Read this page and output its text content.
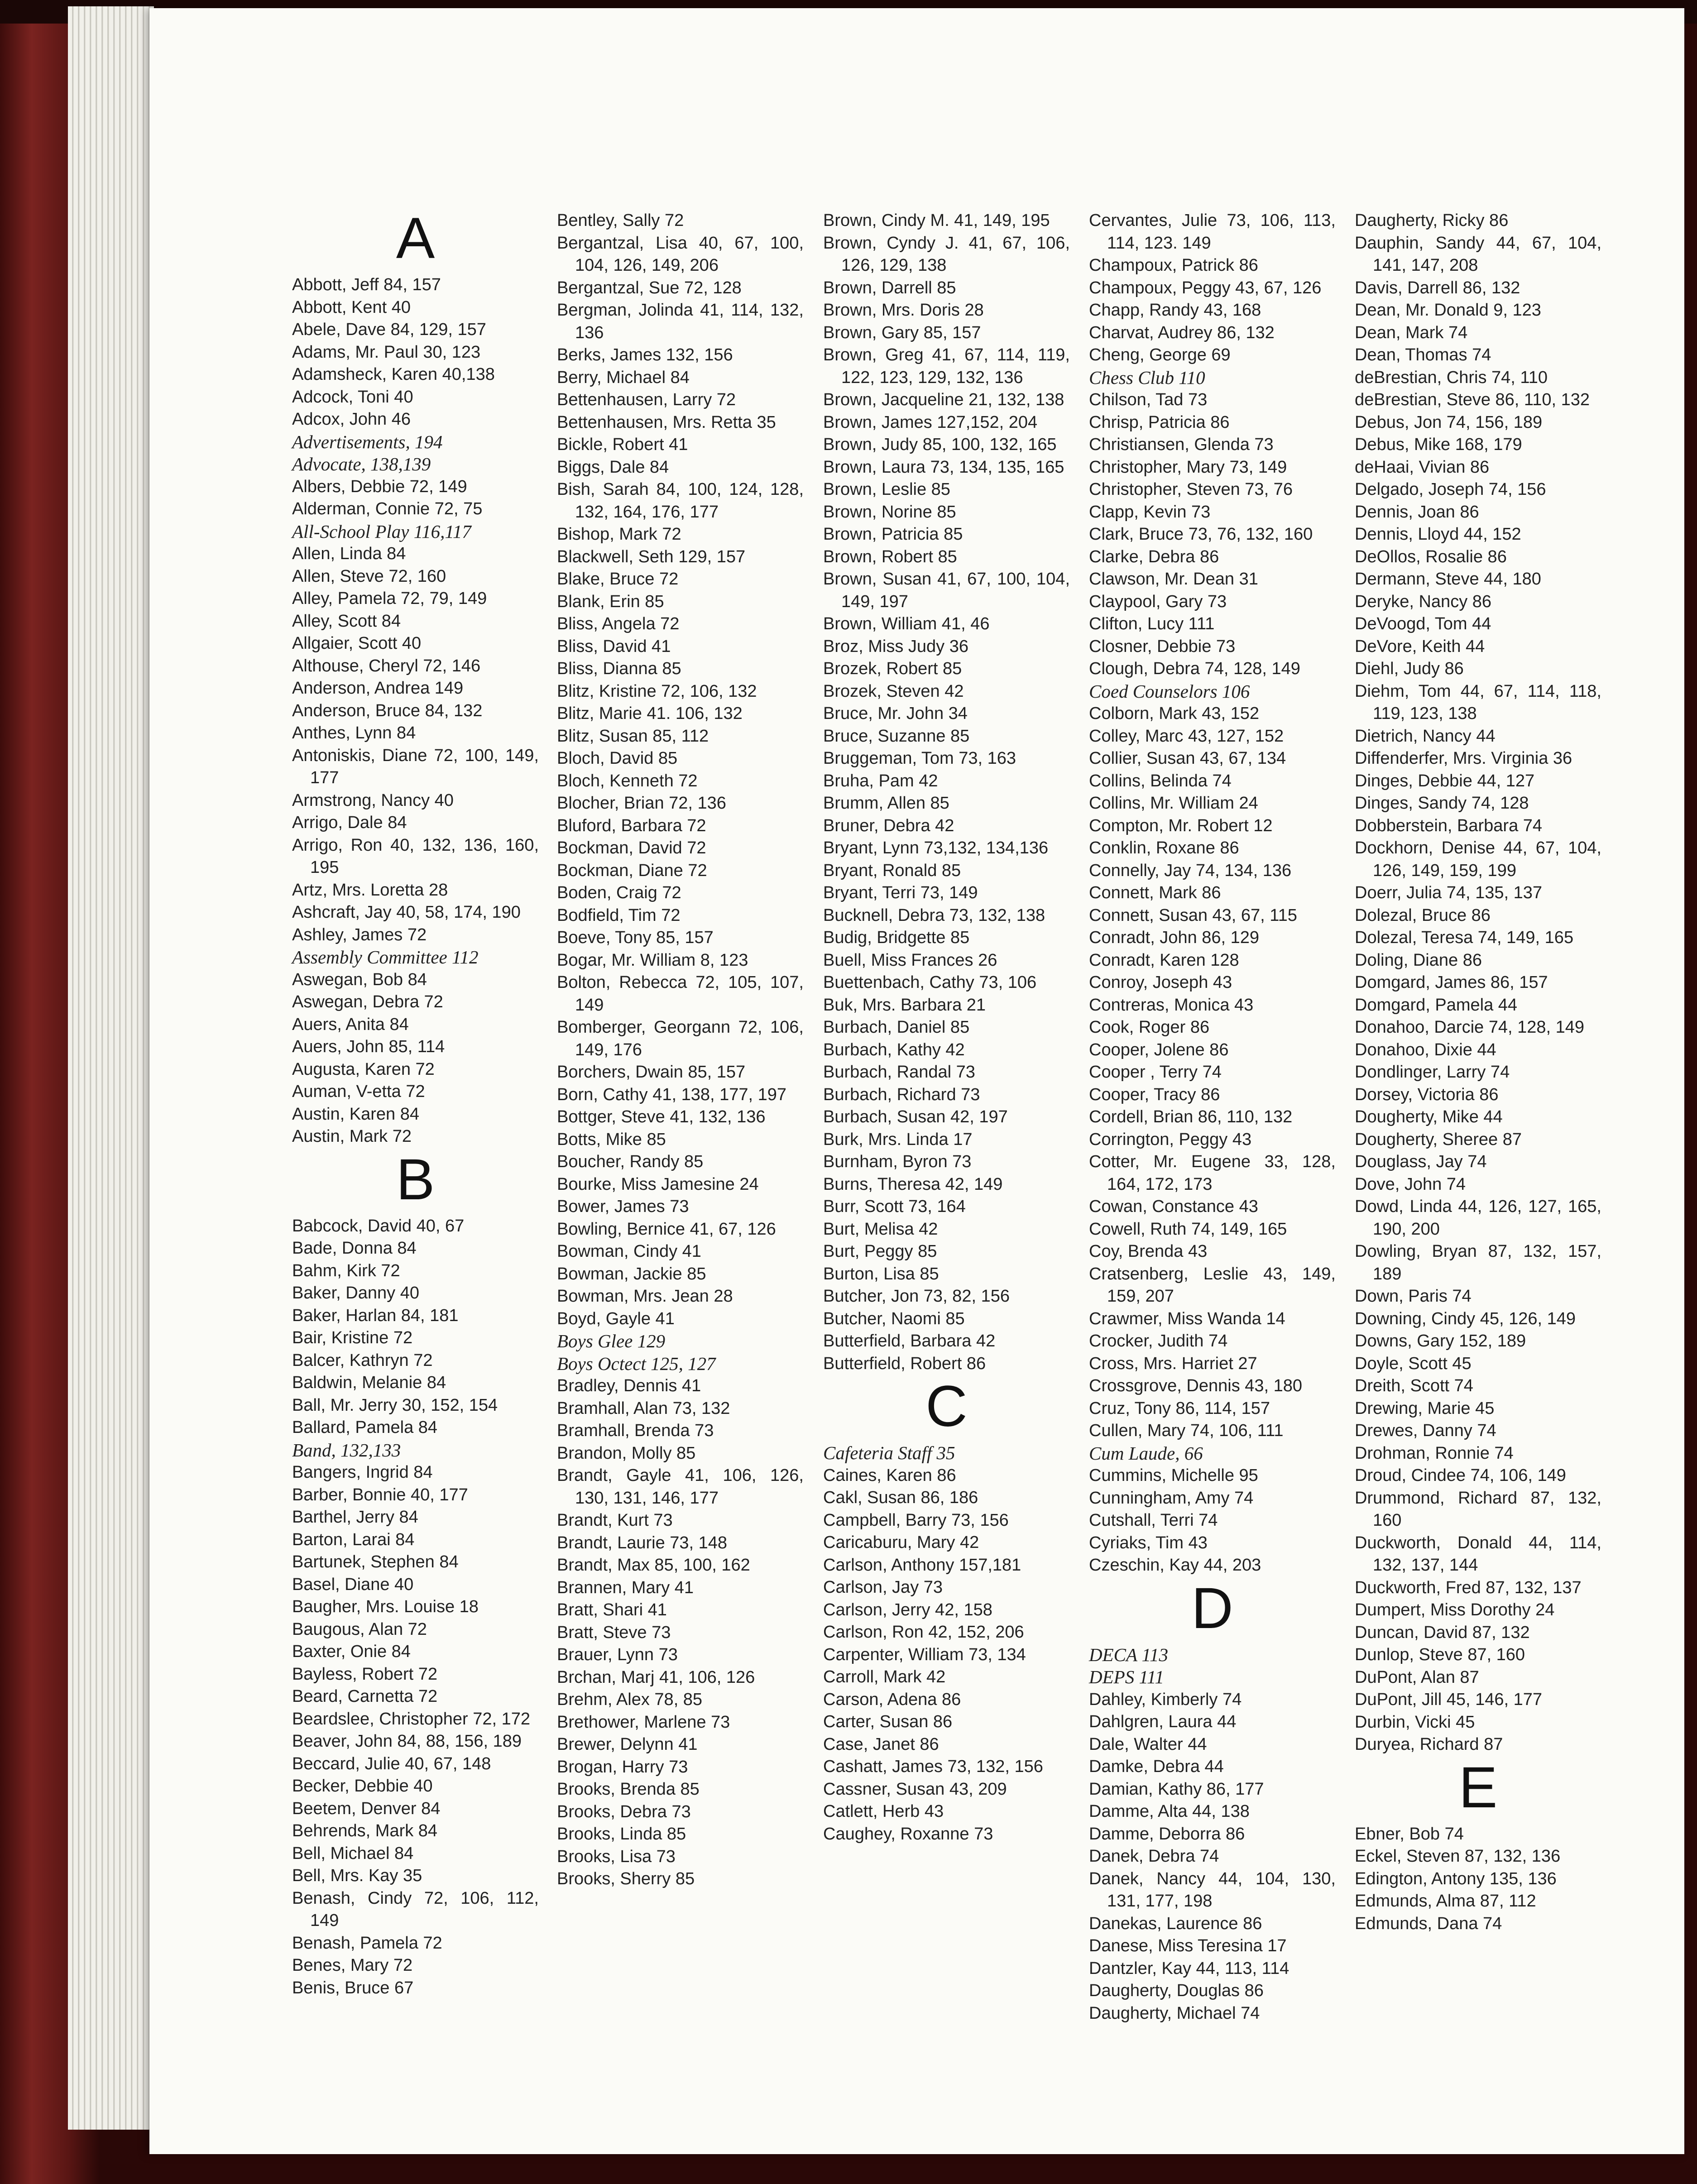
A
Abbott, Jeff 84, 157
Abbott, Kent 40
Abele, Dave 84, 129, 157
Adams, Mr. Paul 30, 123
Adamsheck, Karen 40,138
Adcock, Toni 40
Adcox, John 46
Advertisements, 194
Advocate, 138,139
Albers, Debbie 72, 149
Alderman, Connie 72, 75
All-School Play 116,117
Allen, Linda 84
Allen, Steve 72, 160
Alley, Pamela 72, 79, 149
Alley, Scott 84
Allgaier, Scott 40
Althouse, Cheryl 72, 146
Anderson, Andrea 149
Anderson, Bruce 84, 132
Anthes, Lynn 84
Antoniskis, Diane 72, 100, 149, 177
Armstrong, Nancy 40
Arrigo, Dale 84
Arrigo, Ron 40, 132, 136, 160, 195
Artz, Mrs. Loretta 28
Ashcraft, Jay 40, 58, 174, 190
Ashley, James 72
Assembly Committee 112
Aswegan, Bob 84
Aswegan, Debra 72
Auers, Anita 84
Auers, John 85, 114
Augusta, Karen 72
Auman, V-etta 72
Austin, Karen 84
Austin, Mark 72
B
Babcock, David 40, 67
Bade, Donna 84
Bahm, Kirk 72
Baker, Danny 40
Baker, Harlan 84, 181
Bair, Kristine 72
Balcer, Kathryn 72
Baldwin, Melanie 84
Ball, Mr. Jerry 30, 152, 154
Ballard, Pamela 84
Band, 132,133
Bangers, Ingrid 84
Barber, Bonnie 40, 177
Barthel, Jerry 84
Barton, Larai 84
Bartunek, Stephen 84
Basel, Diane 40
Baugher, Mrs. Louise 18
Baugous, Alan 72
Baxter, Onie 84
Bayless, Robert 72
Beard, Carnetta 72
Beardslee, Christopher 72, 172
Beaver, John 84, 88, 156, 189
Beccard, Julie 40, 67, 148
Becker, Debbie 40
Beetem, Denver 84
Behrends, Mark 84
Bell, Michael 84
Bell, Mrs. Kay 35
Benash, Cindy 72, 106, 112, 149
Benash, Pamela 72
Benes, Mary 72
Benis, Bruce 67
Bentley, Sally 72
Bergantzal, Lisa 40, 67, 100, 104, 126, 149, 206
Bergantzal, Sue 72, 128
Bergman, Jolinda 41, 114, 132, 136
Berks, James 132, 156
Berry, Michael 84
Bettenhausen, Larry 72
Bettenhausen, Mrs. Retta 35
Bickle, Robert 41
Biggs, Dale 84
Bish, Sarah 84, 100, 124, 128, 132, 164, 176, 177
Bishop, Mark 72
Blackwell, Seth 129, 157
Blake, Bruce 72
Blank, Erin 85
Bliss, Angela 72
Bliss, David 41
Bliss, Dianna 85
Blitz, Kristine 72, 106, 132
Blitz, Marie 41. 106, 132
Blitz, Susan 85, 112
Bloch, David 85
Bloch, Kenneth 72
Blocher, Brian 72, 136
Bluford, Barbara 72
Bockman, David 72
Bockman, Diane 72
Boden, Craig 72
Bodfield, Tim 72
Boeve, Tony 85, 157
Bogar, Mr. William 8, 123
Bolton, Rebecca 72, 105, 107, 149
Bomberger, Georgann 72, 106, 149, 176
Borchers, Dwain 85, 157
Born, Cathy 41, 138, 177, 197
Bottger, Steve 41, 132, 136
Botts, Mike 85
Boucher, Randy 85
Bourke, Miss Jamesine 24
Bower, James 73
Bowling, Bernice 41, 67, 126
Bowman, Cindy 41
Bowman, Jackie 85
Bowman, Mrs. Jean 28
Boyd, Gayle 41
Boys Glee 129
Boys Octect 125, 127
Bradley, Dennis 41
Bramhall, Alan 73, 132
Bramhall, Brenda 73
Brandon, Molly 85
Brandt, Gayle 41, 106, 126, 130, 131, 146, 177
Brandt, Kurt 73
Brandt, Laurie 73, 148
Brandt, Max 85, 100, 162
Brannen, Mary 41
Bratt, Shari 41
Bratt, Steve 73
Brauer, Lynn 73
Brchan, Marj 41, 106, 126
Brehm, Alex 78, 85
Brethower, Marlene 73
Brewer, Delynn 41
Brogan, Harry 73
Brooks, Brenda 85
Brooks, Debra 73
Brooks, Linda 85
Brooks, Lisa 73
Brooks, Sherry 85
Brown, Cindy M. 41, 149, 195
Brown, Cyndy J. 41, 67, 106, 126, 129, 138
Brown, Darrell 85
Brown, Mrs. Doris 28
Brown, Gary 85, 157
Brown, Greg 41, 67, 114, 119, 122, 123, 129, 132, 136
Brown, Jacqueline 21, 132, 138
Brown, James 127,152, 204
Brown, Judy 85, 100, 132, 165
Brown, Laura 73, 134, 135, 165
Brown, Leslie 85
Brown, Norine 85
Brown, Patricia 85
Brown, Robert 85
Brown, Susan 41, 67, 100, 104, 149, 197
Brown, William 41, 46
Broz, Miss Judy 36
Brozek, Robert 85
Brozek, Steven 42
Bruce, Mr. John 34
Bruce, Suzanne 85
Bruggeman, Tom 73, 163
Bruha, Pam 42
Brumm, Allen 85
Bruner, Debra 42
Bryant, Lynn 73,132, 134,136
Bryant, Ronald 85
Bryant, Terri 73, 149
Bucknell, Debra 73, 132, 138
Budig, Bridgette 85
Buell, Miss Frances 26
Buettenbach, Cathy 73, 106
Buk, Mrs. Barbara 21
Burbach, Daniel 85
Burbach, Kathy 42
Burbach, Randal 73
Burbach, Richard 73
Burbach, Susan 42, 197
Burk, Mrs. Linda 17
Burnham, Byron 73
Burns, Theresa 42, 149
Burr, Scott 73, 164
Burt, Melisa 42
Burt, Peggy 85
Burton, Lisa 85
Butcher, Jon 73, 82, 156
Butcher, Naomi 85
Butterfield, Barbara 42
Butterfield, Robert 86
C
Cafeteria Staff 35
Caines, Karen 86
Cakl, Susan 86, 186
Campbell, Barry 73, 156
Caricaburu, Mary 42
Carlson, Anthony 157,181
Carlson, Jay 73
Carlson, Jerry 42, 158
Carlson, Ron 42, 152, 206
Carpenter, William 73, 134
Carroll, Mark 42
Carson, Adena 86
Carter, Susan 86
Case, Janet 86
Cashatt, James 73, 132, 156
Cassner, Susan 43, 209
Catlett, Herb 43
Caughey, Roxanne 73
Cervantes, Julie 73, 106, 113, 114, 123. 149
Champoux, Patrick 86
Champoux, Peggy 43, 67, 126
Chapp, Randy 43, 168
Charvat, Audrey 86, 132
Cheng, George 69
Chess Club 110
Chilson, Tad 73
Chrisp, Patricia 86
Christiansen, Glenda 73
Christopher, Mary 73, 149
Christopher, Steven 73, 76
Clapp, Kevin 73
Clark, Bruce 73, 76, 132, 160
Clarke, Debra 86
Clawson, Mr. Dean 31
Claypool, Gary 73
Clifton, Lucy 111
Closner, Debbie 73
Clough, Debra 74, 128, 149
Coed Counselors 106
Colborn, Mark 43, 152
Colley, Marc 43, 127, 152
Collier, Susan 43, 67, 134
Collins, Belinda 74
Collins, Mr. William 24
Compton, Mr. Robert 12
Conklin, Roxane 86
Connelly, Jay 74, 134, 136
Connett, Mark 86
Connett, Susan 43, 67, 115
Conradt, John 86, 129
Conradt, Karen 128
Conroy, Joseph 43
Contreras, Monica 43
Cook, Roger 86
Cooper, Jolene 86
Cooper , Terry 74
Cooper, Tracy 86
Cordell, Brian 86, 110, 132
Corrington, Peggy 43
Cotter, Mr. Eugene 33, 128, 164, 172, 173
Cowan, Constance 43
Cowell, Ruth 74, 149, 165
Coy, Brenda 43
Cratsenberg, Leslie 43, 149, 159, 207
Crawmer, Miss Wanda 14
Crocker, Judith 74
Cross, Mrs. Harriet 27
Crossgrove, Dennis 43, 180
Cruz, Tony 86, 114, 157
Cullen, Mary 74, 106, 111
Cum Laude, 66
Cummins, Michelle 95
Cunningham, Amy 74
Cutshall, Terri 74
Cyriaks, Tim 43
Czeschin, Kay 44, 203
D
DECA 113
DEPS 111
Dahley, Kimberly 74
Dahlgren, Laura 44
Dale, Walter 44
Damke, Debra 44
Damian, Kathy 86, 177
Damme, Alta 44, 138
Damme, Deborra 86
Danek, Debra 74
Danek, Nancy 44, 104, 130, 131, 177, 198
Danekas, Laurence 86
Danese, Miss Teresina 17
Dantzler, Kay 44, 113, 114
Daugherty, Douglas 86
Daugherty, Michael 74
Daugherty, Ricky 86
Dauphin, Sandy 44, 67, 104, 141, 147, 208
Davis, Darrell 86, 132
Dean, Mr. Donald 9, 123
Dean, Mark 74
Dean, Thomas 74
deBrestian, Chris 74, 110
deBrestian, Steve 86, 110, 132
Debus, Jon 74, 156, 189
Debus, Mike 168, 179
deHaai, Vivian 86
Delgado, Joseph 74, 156
Dennis, Joan 86
Dennis, Lloyd 44, 152
DeOllos, Rosalie 86
Dermann, Steve 44, 180
Deryke, Nancy 86
DeVoogd, Tom 44
DeVore, Keith 44
Diehl, Judy 86
Diehm, Tom 44, 67, 114, 118, 119, 123, 138
Dietrich, Nancy 44
Diffenderfer, Mrs. Virginia 36
Dinges, Debbie 44, 127
Dinges, Sandy 74, 128
Dobberstein, Barbara 74
Dockhorn, Denise 44, 67, 104, 126, 149, 159, 199
Doerr, Julia 74, 135, 137
Dolezal, Bruce 86
Dolezal, Teresa 74, 149, 165
Doling, Diane 86
Domgard, James 86, 157
Domgard, Pamela 44
Donahoo, Darcie 74, 128, 149
Donahoo, Dixie 44
Dondlinger, Larry 74
Dorsey, Victoria 86
Dougherty, Mike 44
Dougherty, Sheree 87
Douglass, Jay 74
Dove, John 74
Dowd, Linda 44, 126, 127, 165, 190, 200
Dowling, Bryan 87, 132, 157, 189
Down, Paris 74
Downing, Cindy 45, 126, 149
Downs, Gary 152, 189
Doyle, Scott 45
Dreith, Scott 74
Drewing, Marie 45
Drewes, Danny 74
Drohman, Ronnie 74
Droud, Cindee 74, 106, 149
Drummond, Richard 87, 132, 160
Duckworth, Donald 44, 114, 132, 137, 144
Duckworth, Fred 87, 132, 137
Dumpert, Miss Dorothy 24
Duncan, David 87, 132
Dunlop, Steve 87, 160
DuPont, Alan 87
DuPont, Jill 45, 146, 177
Durbin, Vicki 45
Duryea, Richard 87
E
Ebner, Bob 74
Eckel, Steven 87, 132, 136
Edington, Antony 135, 136
Edmunds, Alma 87, 112
Edmunds, Dana 74
